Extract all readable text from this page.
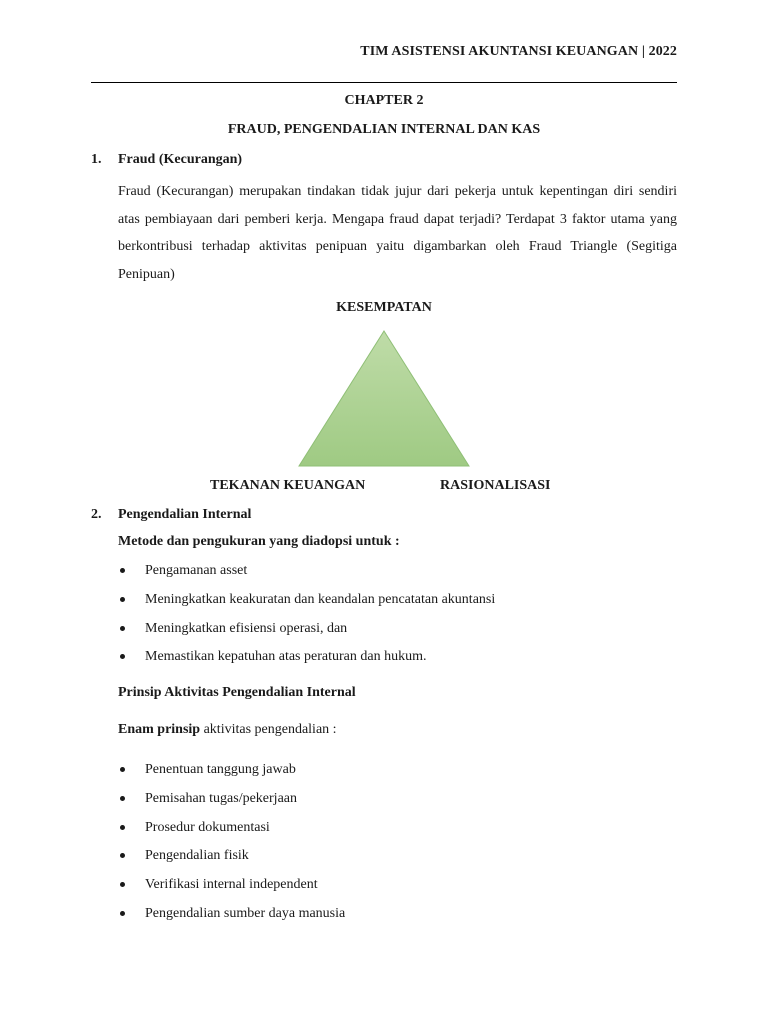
TIM ASISTENSI AKUNTANSI KEUANGAN | 2022
CHAPTER 2
FRAUD, PENGENDALIAN INTERNAL DAN KAS
1. Fraud (Kecurangan)
Fraud (Kecurangan) merupakan tindakan tidak jujur dari pekerja untuk kepentingan diri sendiri atas pembiayaan dari pemberi kerja. Mengapa fraud dapat terjadi? Terdapat 3 faktor utama yang berkontribusi terhadap aktivitas penipuan yaitu digambarkan oleh Fraud Triangle (Segitiga Penipuan)
KESEMPATAN
TEKANAN KEUANGAN	RASIONALISASI
2. Pengendalian Internal
Metode dan pengukuran yang diadopsi untuk :
Pengamanan asset
Meningkatkan keakuratan dan keandalan pencatatan akuntansi
Meningkatkan efisiensi operasi, dan
Memastikan kepatuhan atas peraturan dan hukum.
Prinsip Aktivitas Pengendalian Internal
Enam prinsip aktivitas pengendalian :
Penentuan tanggung jawab
Pemisahan tugas/pekerjaan
Prosedur dokumentasi
Pengendalian fisik
Verifikasi internal independent
Pengendalian sumber daya manusia
